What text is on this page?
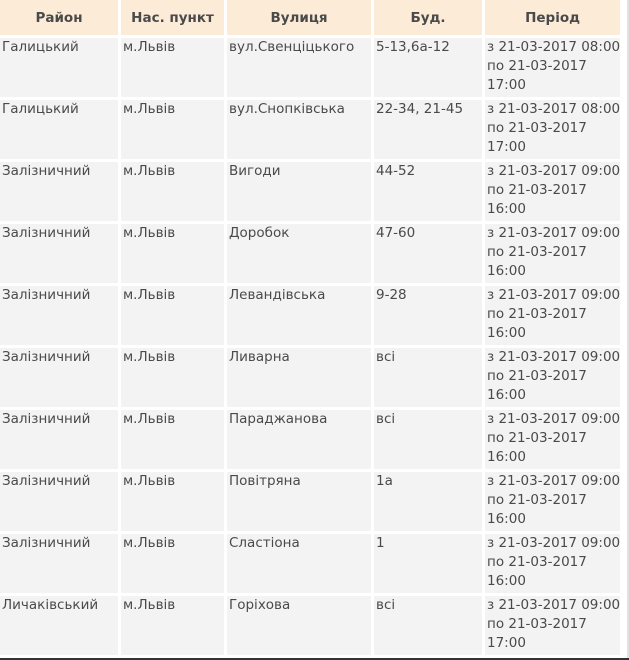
Район	Нас. пункт	Вулиця	Буд.	Період

Галицький	м.Львів	вул.Свенціцького	5-13,6а-12	з 21-03-2017 08:00
по 21-03-2017
17:00

Галицький	м.Львів	вул.Снопківська	22-34, 21-45	з 21-03-2017 08:00
по 21-03-2017
17:00

Залізничний	м.Львів	Вигоди	44-52	з 21-03-2017 09:00
по 21-03-2017
16:00

Залізничний	м.Львів	Доробок	47-60	з 21-03-2017 09:00
по 21-03-2017
16:00

Залізничний	м.Львів	Левандівська	9-28	з 21-03-2017 09:00
по 21-03-2017
16:00

Залізничний	м.Львів	Ливарна	всі	з 21-03-2017 09:00
по 21-03-2017
16:00

Залізничний	м.Львів	Параджанова	всі	з 21-03-2017 09:00
по 21-03-2017
16:00

Залізничний	м.Львів	Повітряна	1а	з 21-03-2017 09:00
по 21-03-2017
16:00

Залізничний	м.Львів	Сластіона	1	з 21-03-2017 09:00
по 21-03-2017
16:00

Личаківський	м.Львів	Горіхова	всі	з 21-03-2017 09:00
по 21-03-2017
17:00
